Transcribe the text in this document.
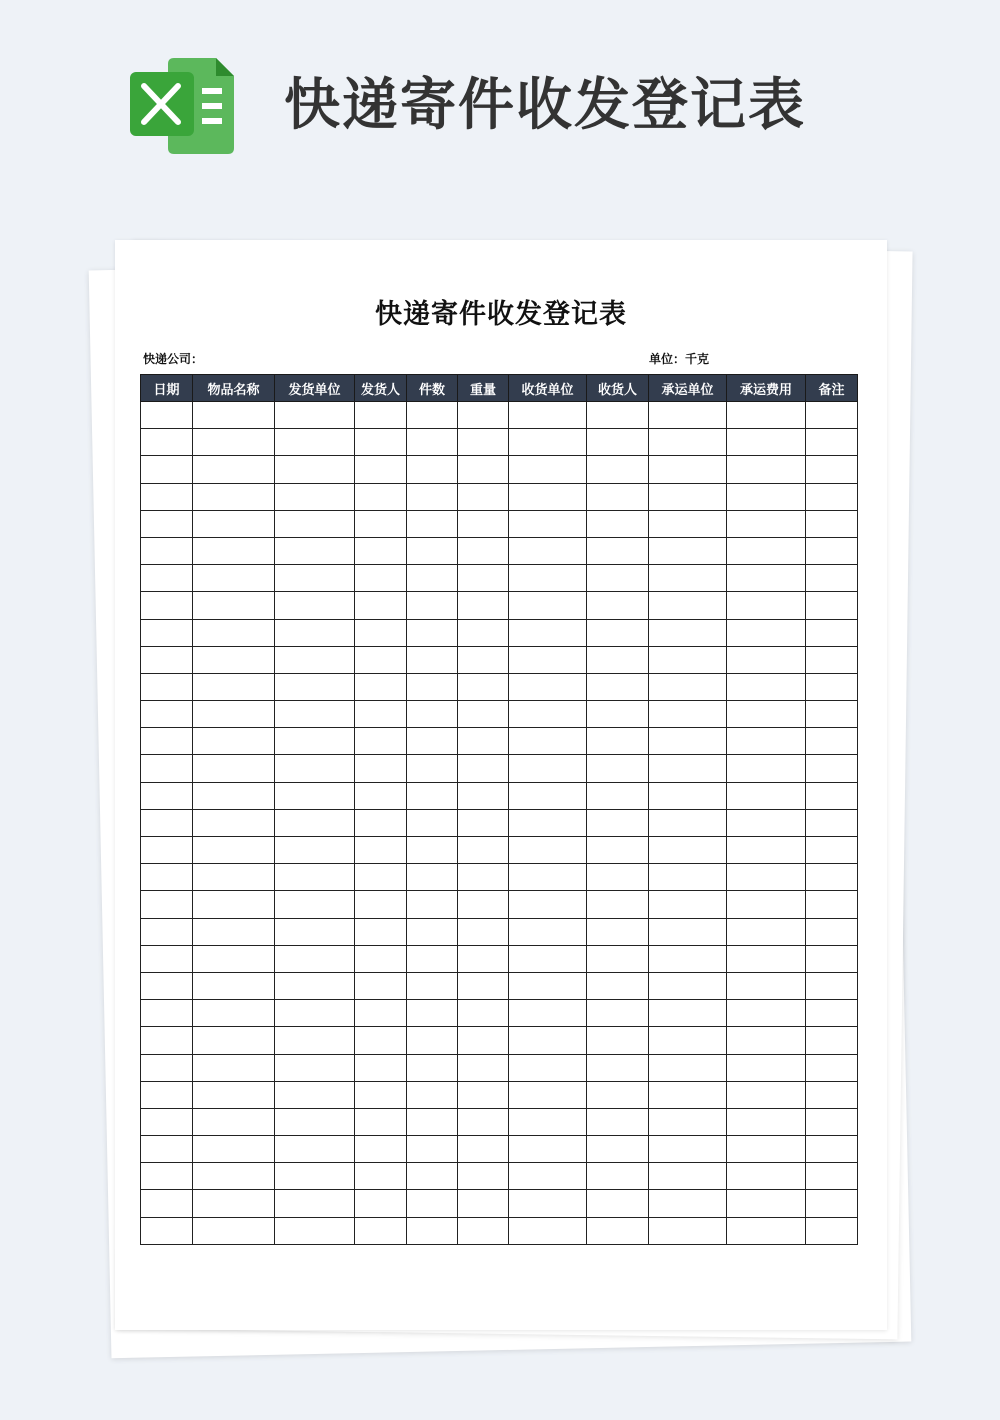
快递寄件收发登记表
快递寄件收发登记表
快递公司：	单位：千克
日期	物品名称	发货单位	发货人	件数	重量	收货单位	收货人	承运单位	承运费用	备注
